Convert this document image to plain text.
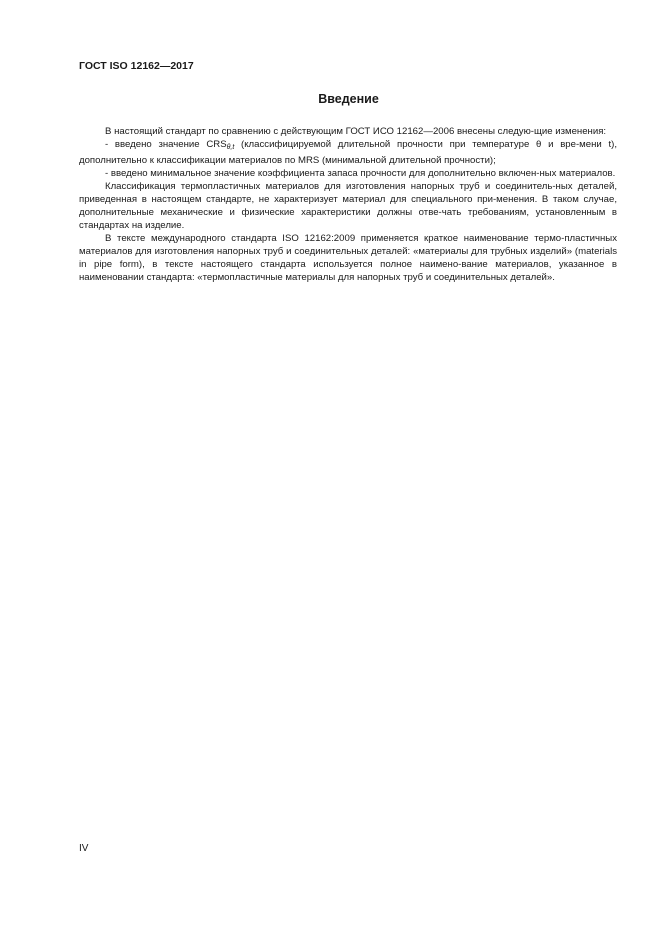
ГОСТ ISO 12162—2017
Введение

В настоящий стандарт по сравнению с действующим ГОСТ ИСО 12162—2006 внесены следую-щие изменения:

- введено значение $CRS_{\theta,t}$ (классифицируемой длительной прочности при температуре θ и вре-мени t), дополнительно к классификации материалов по MRS (минимальной длительной прочности);

- введено минимальное значение коэффициента запаса прочности для дополнительно включен-ных материалов.

Классификация термопластичных материалов для изготовления напорных труб и соединитель-ных деталей, приведенная в настоящем стандарте, не характеризует материал для специального при-менения. В таком случае, дополнительные механические и физические характеристики должны отве-чать требованиям, установленным в стандартах на изделие.

В тексте международного стандарта ISO 12162:2009 применяется краткое наименование термо-пластичных материалов для изготовления напорных труб и соединительных деталей: «материалы для трубных изделий» (materials in pipe form), в тексте настоящего стандарта используется полное наимено-вание материалов, указанное в наименовании стандарта: «термопластичные материалы для напорных труб и соединительных деталей».

IV
